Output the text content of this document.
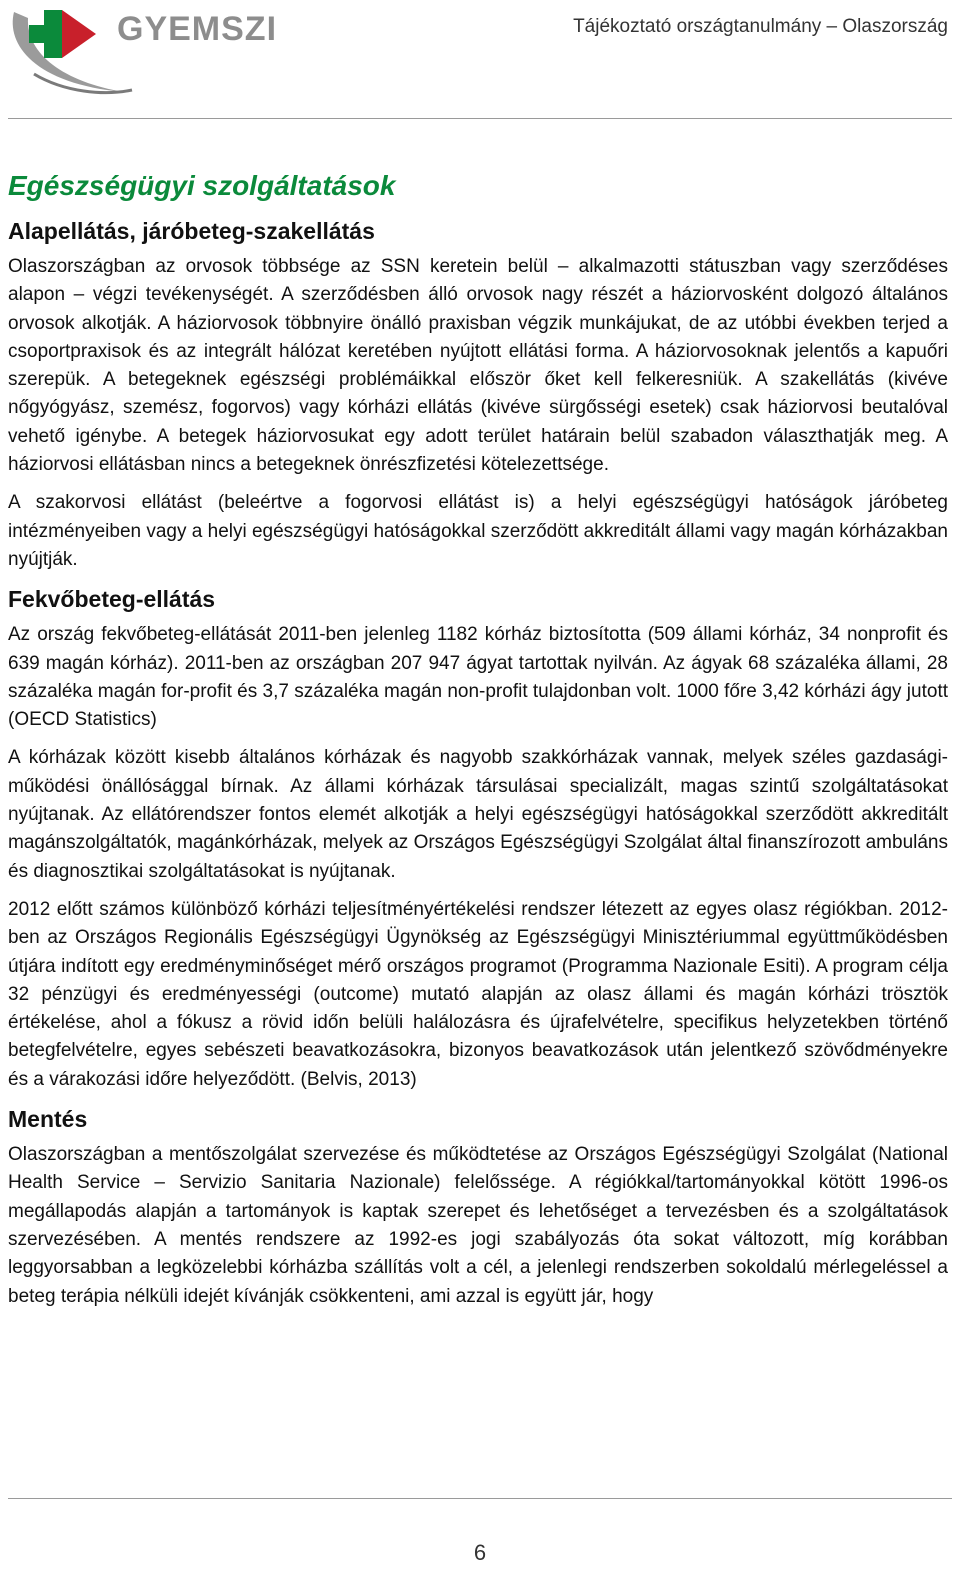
GYEMSZI	Tájékoztató országtanulmány – Olaszország
Egészségügyi szolgáltatások
Alapellátás, járóbeteg-szakellátás

Olaszországban az orvosok többsége az SSN keretein belül – alkalmazotti státuszban vagy szerződéses alapon – végzi tevékenységét. A szerződésben álló orvosok nagy részét a háziorvosként dolgozó általános orvosok alkotják. A háziorvosok többnyire önálló praxisban végzik munkájukat, de az utóbbi években terjed a csoportpraxisok és az integrált hálózat keretében nyújtott ellátási forma. A háziorvosoknak jelentős a kapuőri szerepük. A betegeknek egészségi problémáikkal először őket kell felkeresniük. A szakellátás (kivéve nőgyógyász, szemész, fogorvos) vagy kórházi ellátás (kivéve sürgősségi esetek) csak háziorvosi beutalóval vehető igénybe. A betegek háziorvosukat egy adott terület határain belül szabadon választhatják meg. A háziorvosi ellátásban nincs a betegeknek önrészfizetési kötelezettsége.

A szakorvosi ellátást (beleértve a fogorvosi ellátást is) a helyi egészségügyi hatóságok járóbeteg intézményeiben vagy a helyi egészségügyi hatóságokkal szerződött akkreditált állami vagy magán kórházakban nyújtják.

Fekvőbeteg-ellátás

Az ország fekvőbeteg-ellátását 2011-ben jelenleg 1182 kórház biztosította (509 állami kórház, 34 nonprofit és 639 magán kórház). 2011-ben az országban 207 947 ágyat tartottak nyilván. Az ágyak 68 százaléka állami, 28 százaléka magán for-profit és 3,7 százaléka magán non-profit tulajdonban volt. 1000 főre 3,42 kórházi ágy jutott (OECD Statistics)

A kórházak között kisebb általános kórházak és nagyobb szakkórházak vannak, melyek széles gazdasági-működési önállósággal bírnak. Az állami kórházak társulásai specializált, magas szintű szolgáltatásokat nyújtanak. Az ellátórendszer fontos elemét alkotják a helyi egészségügyi hatóságokkal szerződött akkreditált magánszolgáltatók, magánkórházak, melyek az Országos Egészségügyi Szolgálat által finanszírozott ambuláns és diagnosztikai szolgáltatásokat is nyújtanak.

2012 előtt számos különböző kórházi teljesítményértékelési rendszer létezett az egyes olasz régiókban. 2012-ben az Országos Regionális Egészségügyi Ügynökség az Egészségügyi Minisztériummal együttműködésben útjára indított egy eredményminőséget mérő országos programot (Programma Nazionale Esiti). A program célja 32 pénzügyi és eredményességi (outcome) mutató alapján az olasz állami és magán kórházi trösztök értékelése, ahol a fókusz a rövid időn belüli halálozásra és újrafelvételre, specifikus helyzetekben történő betegfelvételre, egyes sebészeti beavatkozásokra, bizonyos beavatkozások után jelentkező szövődményekre és a várakozási időre helyeződött. (Belvis, 2013)

Mentés

Olaszországban a mentőszolgálat szervezése és működtetése az Országos Egészségügyi Szolgálat (National Health Service – Servizio Sanitaria Nazionale) felelőssége. A régiókkal/tartományokkal kötött 1996-os megállapodás alapján a tartományok is kaptak szerepet és lehetőséget a tervezésben és a szolgáltatások szervezésében. A mentés rendszere az 1992-es jogi szabályozás óta sokat változott, míg korábban leggyorsabban a legközelebbi kórházba szállítás volt a cél, a jelenlegi rendszerben sokoldalú mérlegeléssel a beteg terápia nélküli idejét kívánják csökkenteni, ami azzal is együtt jár, hogy

6
